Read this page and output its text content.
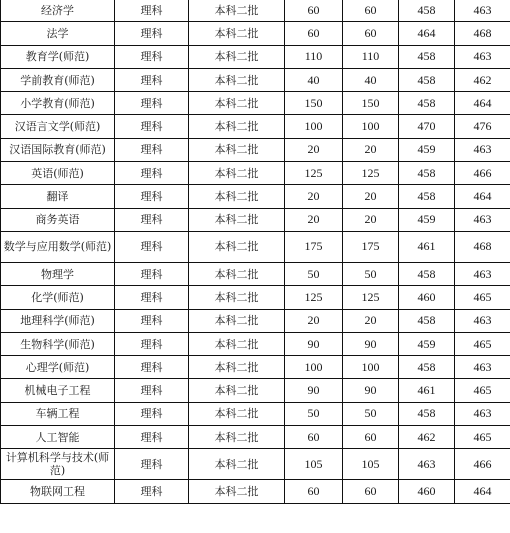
经济学	理科	本科二批	60	60	458	463
法学	理科	本科二批	60	60	464	468
教育学(师范)	理科	本科二批	110	110	458	463
学前教育(师范)	理科	本科二批	40	40	458	462
小学教育(师范)	理科	本科二批	150	150	458	464
汉语言文学(师范)	理科	本科二批	100	100	470	476
汉语国际教育(师范)	理科	本科二批	20	20	459	463
英语(师范)	理科	本科二批	125	125	458	466
翻译	理科	本科二批	20	20	458	464
商务英语	理科	本科二批	20	20	459	463
数学与应用数学(师范)	理科	本科二批	175	175	461	468
物理学	理科	本科二批	50	50	458	463
化学(师范)	理科	本科二批	125	125	460	465
地理科学(师范)	理科	本科二批	20	20	458	463
生物科学(师范)	理科	本科二批	90	90	459	465
心理学(师范)	理科	本科二批	100	100	458	463
机械电子工程	理科	本科二批	90	90	461	465
车辆工程	理科	本科二批	50	50	458	463
人工智能	理科	本科二批	60	60	462	465
计算机科学与技术(师范)	理科	本科二批	105	105	463	466
物联网工程	理科	本科二批	60	60	460	464
